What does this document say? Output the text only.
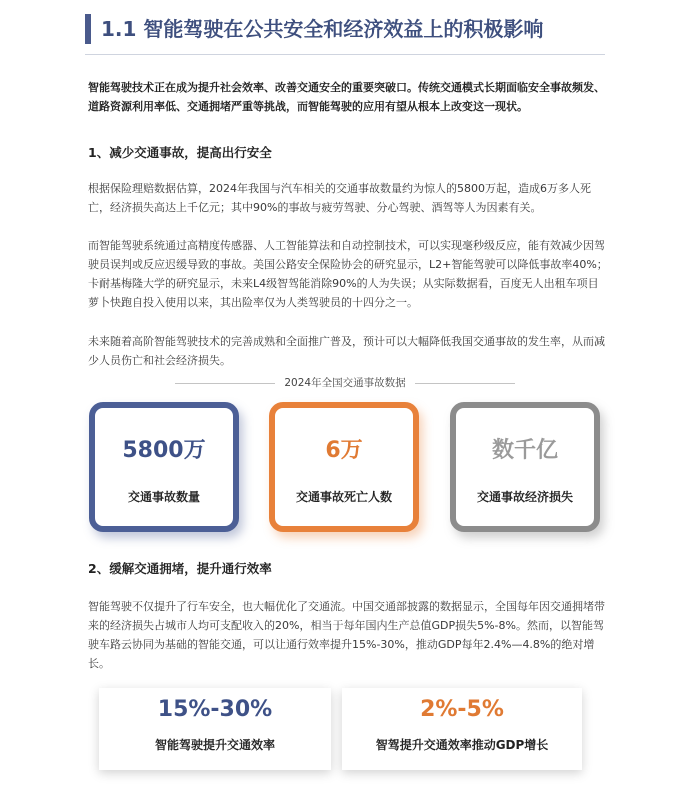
1.1 智能驾驶在公共安全和经济效益上的积极影响

智能驾驶技术正在成为提升社会效率、改善交通安全的重要突破口。传统交通模式长期面临安全事故频发、道路资源利用率低、交通拥堵严重等挑战，而智能驾驶的应用有望从根本上改变这一现状。

1、减少交通事故，提高出行安全

根据保险理赔数据估算，2024年我国与汽车相关的交通事故数量约为惊人的5800万起，造成6万多人死亡，经济损失高达上千亿元；其中90%的事故与疲劳驾驶、分心驾驶、酒驾等人为因素有关。

而智能驾驶系统通过高精度传感器、人工智能算法和自动控制技术，可以实现毫秒级反应，能有效减少因驾驶员误判或反应迟缓导致的事故。美国公路安全保险协会的研究显示，L2+智能驾驶可以降低事故率40%；卡耐基梅隆大学的研究显示，未来L4级智驾能消除90%的人为失误；从实际数据看，百度无人出租车项目萝卜快跑自投入使用以来，其出险率仅为人类驾驶员的十四分之一。

未来随着高阶智能驾驶技术的完善成熟和全面推广普及，预计可以大幅降低我国交通事故的发生率，从而减少人员伤亡和社会经济损失。

2024年全国交通事故数据
5800万
交通事故数量
6万
交通事故死亡人数
数千亿
交通事故经济损失

2、缓解交通拥堵，提升通行效率

智能驾驶不仅提升了行车安全，也大幅优化了交通流。中国交通部披露的数据显示，全国每年因交通拥堵带来的经济损失占城市人均可支配收入的20%，相当于每年国内生产总值GDP损失5%-8%。然而，以智能驾驶车路云协同为基础的智能交通，可以让通行效率提升15%-30%，推动GDP每年2.4%—4.8%的绝对增长。

15%-30%
智能驾驶提升交通效率
2%-5%
智驾提升交通效率推动GDP增长
